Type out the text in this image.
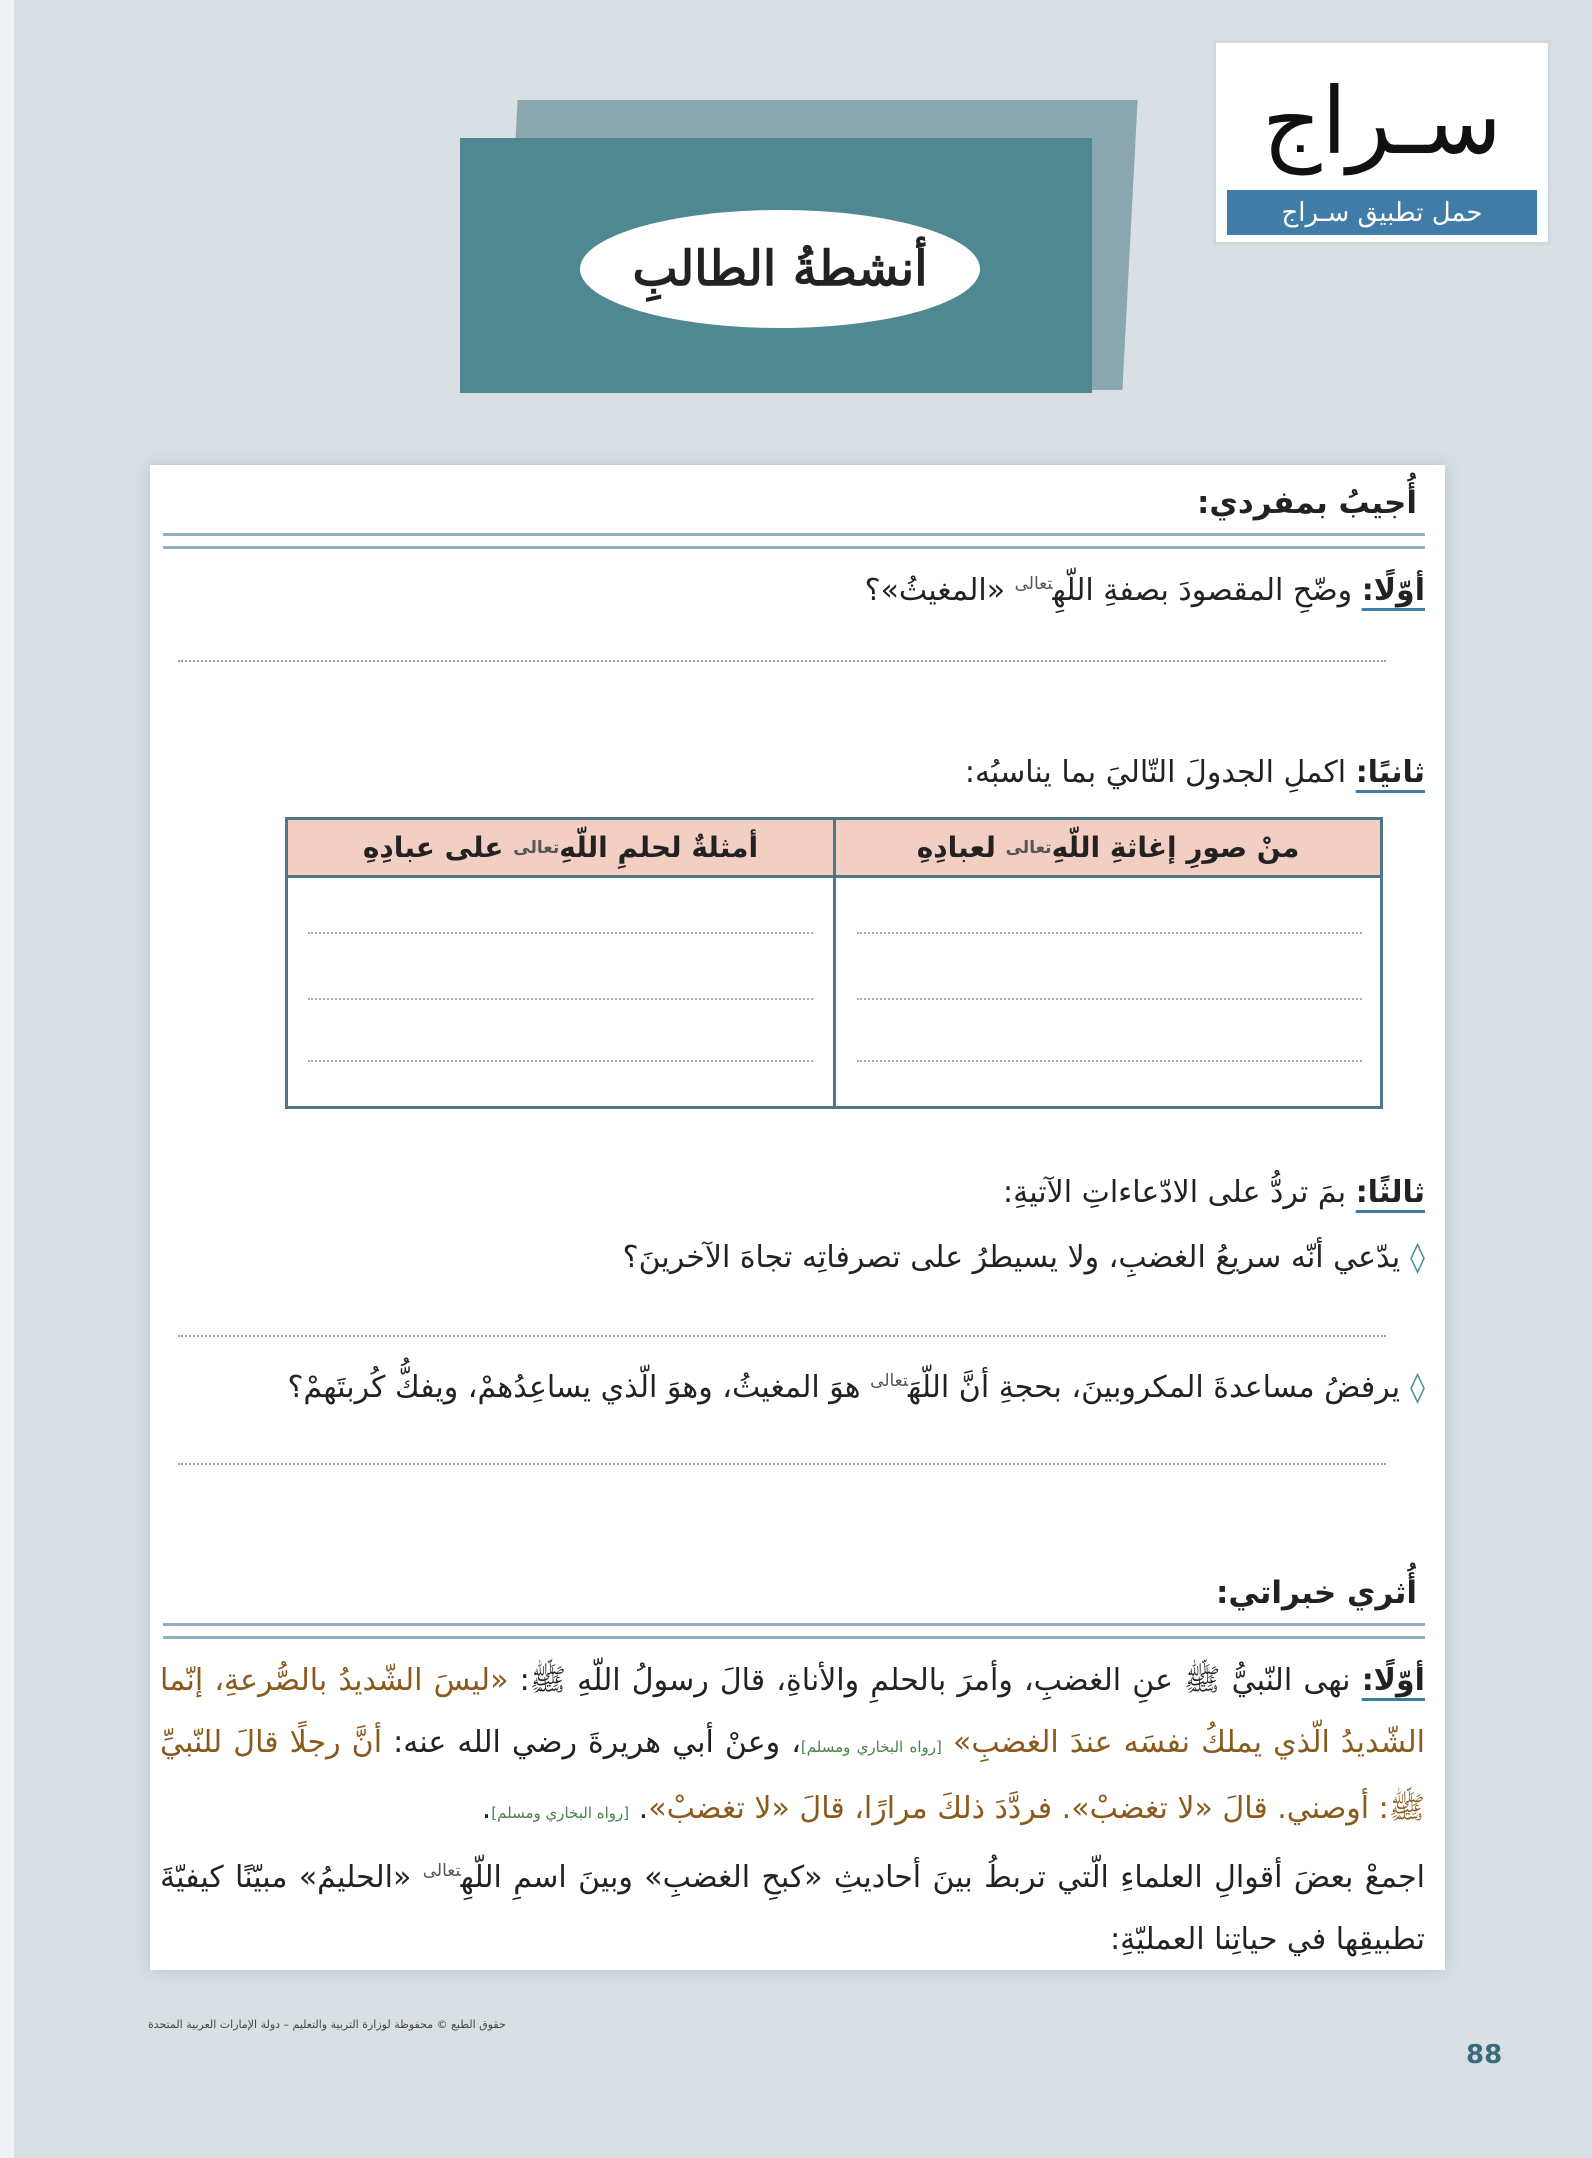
سـراج
حمل تطبيق سـراج
أنشطةُ الطالبِ
أُجيبُ بمفردي:
أوّلًا: وضّحِ المقصودَ بصفةِ اللّهِ$^{تعالى}$ «المغيثُ»؟
ثانيًا: اكملِ الجدولَ التّاليَ بما يناسبُه:
منْ صورِ إغاثةِ اللّهِ
تعالى

لعبادِهِ
أمثلةٌ لحلمِ اللّهِ
تعالى

على عبادِهِ
ثالثًا: بمَ تردُّ على الادّعاءاتِ الآتيةِ:
◊يدّعي أنّه سريعُ الغضبِ، ولا يسيطرُ على تصرفاتِه تجاهَ الآخرينَ؟
◊يرفضُ مساعدةَ المكروبينَ، بحجةِ أنَّ اللّهَ$^{تعالى}$ هوَ المغيثُ، وهوَ الّذي يساعِدُهمْ، ويفكُّ كُربتَهمْ؟
أُثري خبراتي:
أوّلًا: نهى النّبيُّ ﷺ عنِ الغضبِ، وأمرَ بالحلمِ والأناةِ، قالَ رسولُ اللّهِ ﷺ: «ليسَ الشّديدُ بالصُّرعةِ، إنّما الشّديدُ الّذي يملكُ نفسَه عندَ الغضبِ» [رواه البخاري ومسلم]، وعنْ أبي هريرةَ رضي الله عنه: أنَّ رجلًا قالَ للنّبيِّ ﷺ: أوصني. قالَ «لا تغضبْ». فردَّدَ ذلكَ مرارًا، قالَ «لا تغضبْ». [رواه البخاري ومسلم].
اجمعْ بعضَ أقوالِ العلماءِ الّتي تربطُ بينَ أحاديثِ «كبحِ الغضبِ» وبينَ اسمِ اللّهِ$^{تعالى}$ «الحليمُ» مبيّنًا كيفيّةَ تطبيقِها في حياتِنا العمليّةِ:
حقوق الطبع © محفوظة لوزارة التربية والتعليم – دولة الإمارات العربية المتحدة
88
